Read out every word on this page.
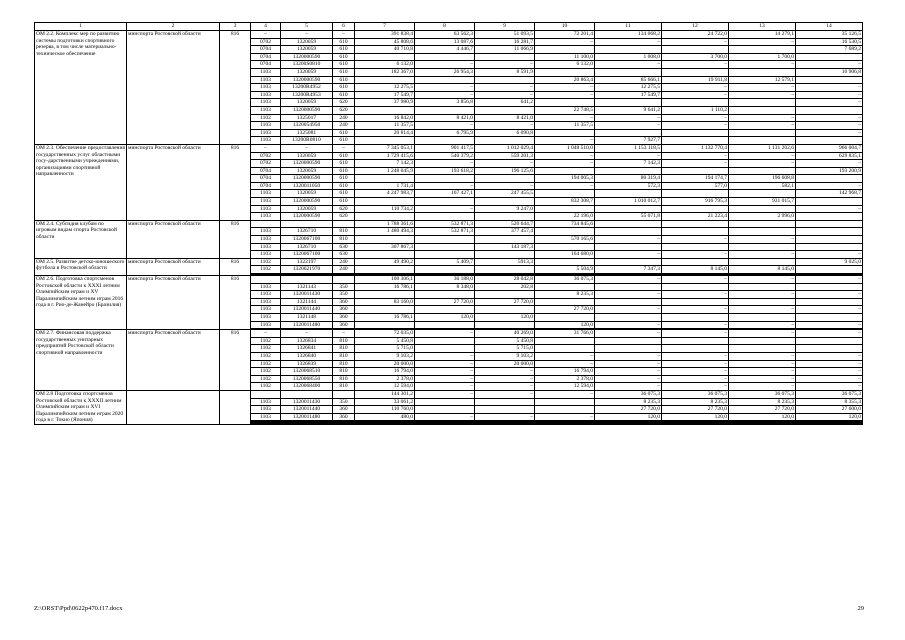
1	2	3	4	5	6	7	8	9	10	11	12	13	14
ОМ 2.2. Комплекс мер по развитию системы подготовки спортивного резерва, в том числе материально-техническое обеспечение	минспорта Ростовской области	816	–	–	–	391 838,4	63 562,3	51 093,5	72 201,4	134 068,2	24 722,0	14 279,1	35 126,5
			0702	1320059	610	45 808,6	13 087,6	16 281,7	–	–	–	–	16 530,5
			0704	1320059	610	40 710,8	4 446,7	11 066,9					7 689,2
			0704	1320000590	610				11 100,0	1 008,0	3 700,0	1 700,0	
			0704	13200S0810	610	6 132,0	–	–	6 132,0	–	–	–	–
			1103	1320059	610	182 367,0	26 954,3	8 591,9					10 906,8
			1103	1320000590	610				20 863,4	85 666,1	19 911,8	12 579,1	
			1103	13200R4952	610	12 275,5	–	–	–	12 275,5	–	–	–
			1103	13200R4953	610	17 549,7	–	–	–	17 549,7	–	–	–
			1103	1320059	620	37 980,9	3 856,8	641,2					–
			1103	1320000590	620				22 748,5	9 641,2	1 110,2		
			1102	1325017	240	16 842,0	8 421,0	8 421,0	–	–	–	–	–
			1103	1320054950	240	11 357,5	–	–	11 357,5	–	–	–	–
			1103	1325081	610	20 814,4	6 795,9	6 090,8					–
			1103	13200R0810	610				–	7 927,7			
ОМ 2.3. Обеспечение предоставления государственных услуг областными госу-дарственными учреждениями, организациями спортивной направленности	минспорта Ростовской области	816	–	–	–	7 345 053,1	901 417,5	1 012 029,4	1 048 510,0	1 153 118,5	1 132 770,4	1 131 202,6	966 004,7
			0702	1320059	610	1 729 415,6	540 379,2	559 201,3	–	–	–	–	629 835,1
			0702	1320000590	610	7 142,3	–	–	–	7 142,3	–	–	–
			0704	1320059	610	1 248 045,9	193 618,2	196 125,6					193 200,9
			0704	1320000590	610				194 005,3	80 319,4	194 174,7	196 608,8	
			0704	1320011050	610	1 731,4	–	–	–	572,3	577,0	582,1	–
			1103	1320059	610	4 247 983,7	167 427,1	247 455,5					142 968,7
			1103	1320000590	610				832 308,7	1 010 012,7	916 795,3	931 015,7	
			1103	1320059	620	110 734,2	–	9 247,0					–
			1103	1320000590	620				22 196,0	55 071,8	21 223,4	2 996,0	
ОМ 2.4. Субсидия клубам по игровым видам спорта Ростовской области	минспорта Ростовской области	816				1 788 361,6	532 871,3	520 644,7	734 845,6				
			1103	1326710	810	1 480 494,3	532 871,3	377 457,4					
			1103	1320067100	810				570 165,6	–	–	–	
			1103	1326710	630	307 867,3		143 187,3					
			1103	1320067100	630				164 680,0	–	–	–	–
ОМ 2.5. Развитие детско-юношеского футбола в Ростовской области	минспорта Ростовской области	816	1102	1322197	240	49 490,2	5 409,7	5913,3					9 025,0
			1102	1320021970	240				5 504,9	7 347,3	8 145,0	8 145,0	

ОМ 2.6. Подготовка спортсменов Ростовской области к XXXI летним Олимпийским играм и XV Паралимпийским летним играм 2016 года в г. Рио-де-Жанейро (Бразилия)	минспорта Ростовской области	816				100 306,1	36 188,0	28 042,8	36 075,3	–	–	–	–
			1103	1321143	350	16 786,1	8 348,0	202,8					
			1103	1320011430	350				8 235,3	–	–	–	–
			1103	1321144	360	83 160,0	27 720,0	27 720,0					
			1103	1320011440	360				27 720,0	–	–	–	–
			1103	1321148	360	16 786,1	120,0	120,0					
			1103	1320011480	360				120,0	–	–	–	–

ОМ 2.7. Финансовая поддержка государственных унитарных предприятий Ростовской области спортивной направленности	минспорта Ростовской области	816	–	–	–	72 035,0	–	40 269,0	31 766,0	–	–	–	–
			1102	1326834	810	5 450,8		5 450,8					
			1102	1326841	810	5 715,0		5 715,0					
			1102	1326840	810	9 103,2	–	9 103,2	–	–	–	–	–
			1102	1326839	810	20 000,0	–	20 000,0	–	–	–	–	–
			1102	1320068510	810	16 794,0	–	–	16 794,0	–	–	–	–
			1102	1320068550	810	2 378,0	–	–	2 378,0	–	–	–	–
			1102	1320068400	810	12 594,0	–	–	12 594,0	–	–	–	–
ОМ 2.8 Подготовка спортсменов Ростовской области к XXXII летним Олимпийским играм и XVI Паралимпийским летним играм 2020 года в г. Токио (Япония)						144 301,2	–	–	–	36 075,3	36 075,3	36 075,3	36 075,3
			1103	1320011430	350	33 061,2				8 235,3	8 235,3	8 235,3	8 355,3
			1103	1320011440	360	110 760,0				27 720,0	27 720,0	27 720,0	27 600,0
			1103	1320011480	360	480,0	–	–	–	120,0	120,0	120,0	120,0

Z:\ORST\Ppd\0622p470.f17.docx	29
